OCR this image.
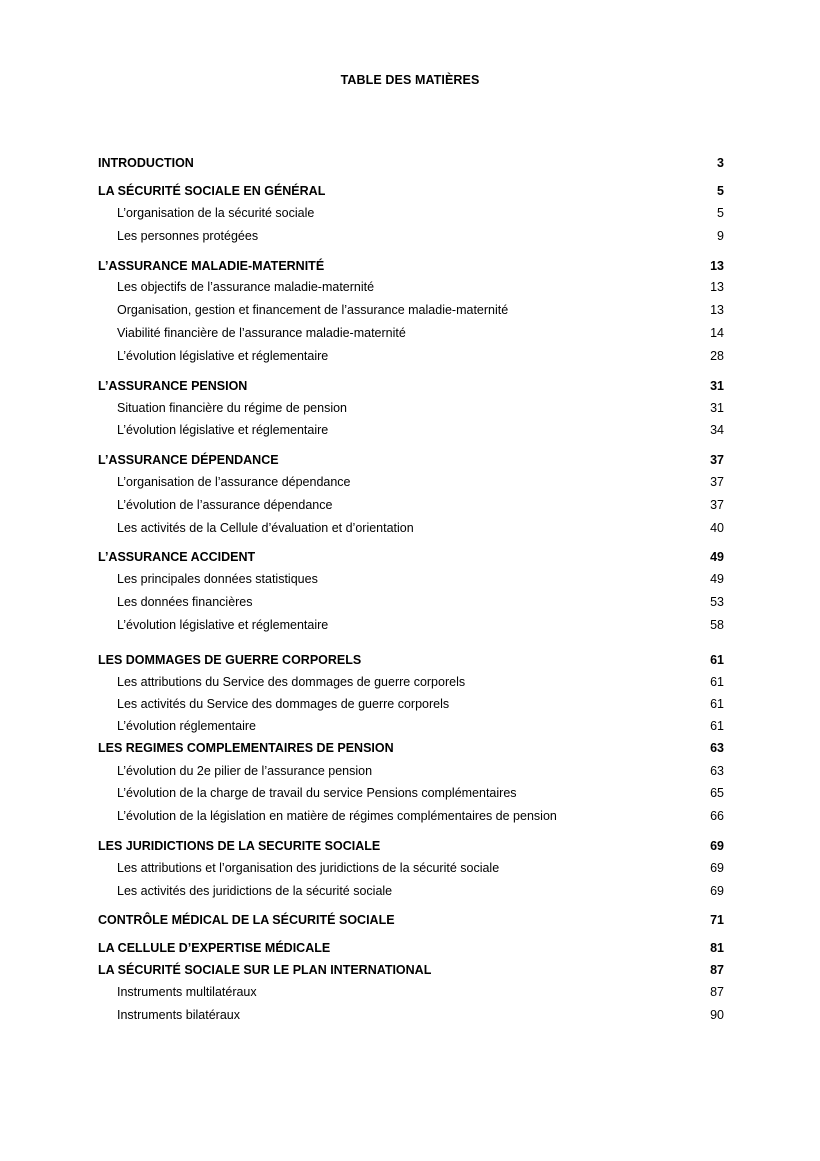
TABLE DES MATIÈRES
INTRODUCTION	3
LA SÉCURITÉ SOCIALE EN GÉNÉRAL	5
L’organisation de la sécurité sociale	5
Les personnes protégées	9
L’ASSURANCE MALADIE-MATERNITÉ	13
Les objectifs de l’assurance maladie-maternité	13
Organisation, gestion et financement de l’assurance maladie-maternité	13
Viabilité financière de l’assurance maladie-maternité	14
L’évolution législative et réglementaire	28
L’ASSURANCE PENSION	31
Situation financière du régime de pension	31
L’évolution législative et réglementaire	34
L’ASSURANCE DÉPENDANCE	37
L’organisation de l’assurance dépendance	37
L’évolution de l’assurance dépendance	37
Les activités de la Cellule d’évaluation et d’orientation	40
L’ASSURANCE ACCIDENT	49
Les principales données statistiques	49
Les données financières	53
L’évolution législative et réglementaire	58
LES DOMMAGES DE GUERRE CORPORELS	61
Les attributions du Service des dommages de guerre corporels	61
Les activités du Service des dommages de guerre corporels	61
L’évolution réglementaire	61
LES REGIMES COMPLEMENTAIRES DE PENSION	63
L’évolution du 2e pilier de l’assurance pension	63
L’évolution de la charge de travail du service Pensions complémentaires	65
L’évolution de la législation en matière de régimes complémentaires de pension	66
LES JURIDICTIONS DE LA SECURITE SOCIALE	69
Les attributions et l’organisation des juridictions de la sécurité sociale	69
Les activités des juridictions de la sécurité sociale	69
CONTRÔLE MÉDICAL DE LA SÉCURITÉ SOCIALE	71
LA CELLULE D’EXPERTISE MÉDICALE	81
LA SÉCURITÉ SOCIALE SUR LE PLAN INTERNATIONAL	87
Instruments multilatéraux	87
Instruments bilatéraux	90
